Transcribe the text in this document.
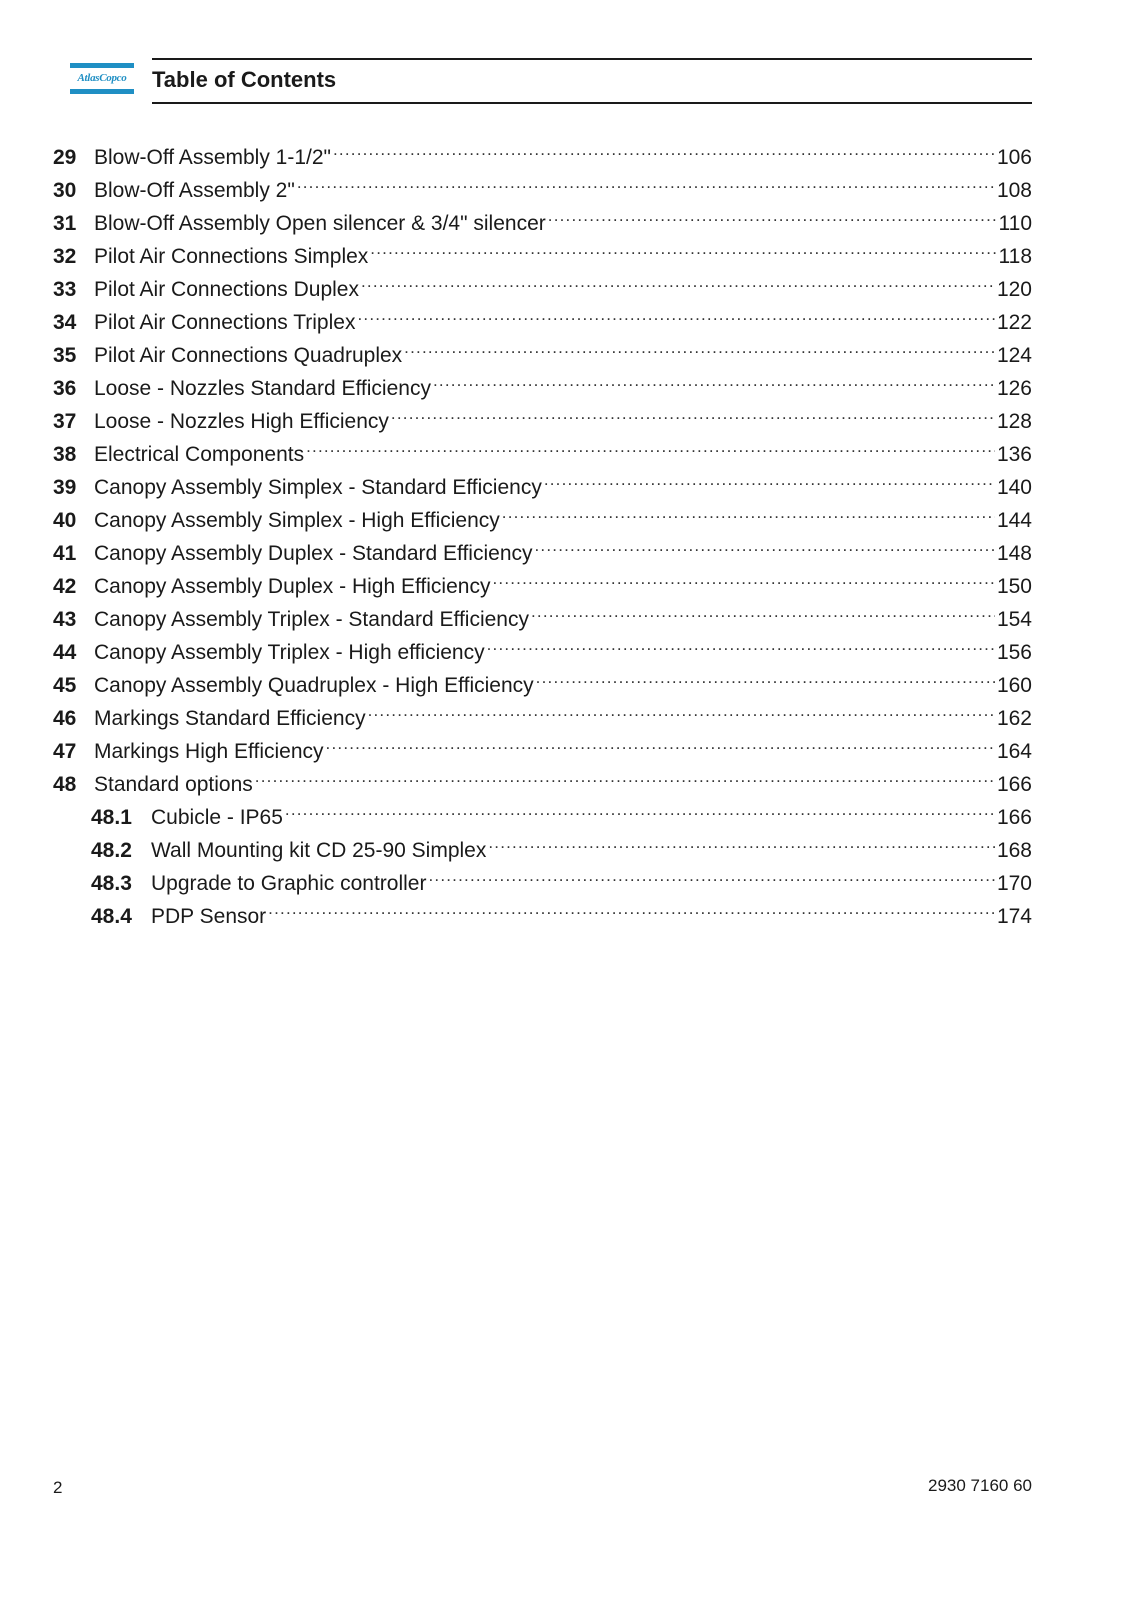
AtlasCopco	Table of Contents
29 Blow-Off Assembly 1-1/2" .....	106
30 Blow-Off Assembly 2" .....	108
31 Blow-Off Assembly Open silencer & 3/4" silencer .....	110
32 Pilot Air Connections Simplex .....	118
33 Pilot Air Connections Duplex .....	120
34 Pilot Air Connections Triplex .....	122
35 Pilot Air Connections Quadruplex .....	124
36 Loose - Nozzles Standard Efficiency .....	126
37 Loose - Nozzles High Efficiency .....	128
38 Electrical Components .....	136
39 Canopy Assembly Simplex - Standard Efficiency .....	140
40 Canopy Assembly Simplex - High Efficiency .....	144
41 Canopy Assembly Duplex - Standard Efficiency .....	148
42 Canopy Assembly Duplex - High Efficiency .....	150
43 Canopy Assembly Triplex - Standard Efficiency .....	154
44 Canopy Assembly Triplex - High efficiency .....	156
45 Canopy Assembly Quadruplex - High Efficiency .....	160
46 Markings Standard Efficiency .....	162
47 Markings High Efficiency .....	164
48 Standard options .....	166
48.1 Cubicle - IP65 .....	166
48.2 Wall Mounting kit CD 25-90 Simplex .....	168
48.3 Upgrade to Graphic controller .....	170
48.4 PDP Sensor .....	174
2	2930 7160 60
